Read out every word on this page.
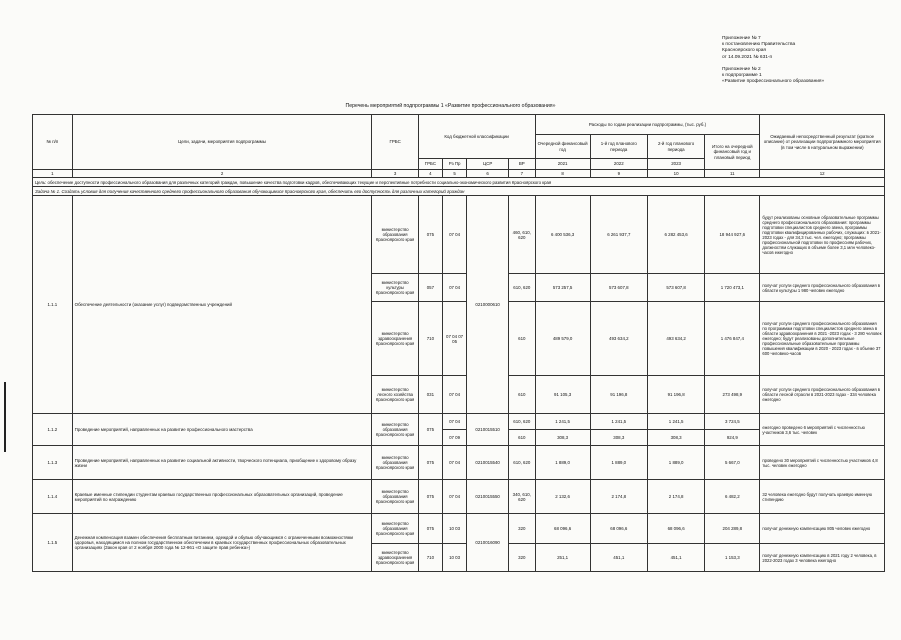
Приложение № 7
к постановлению Правительства
Красноярского края
от 14.09.2021 № 631-п

Приложение № 2
к подпрограмме 1
«Развитие профессионального образования»
Перечень мероприятий подпрограммы 1 «Развитие профессионального образования»
№ п/п	Цели, задачи, мероприятия подпрограммы	ГРБС	Код бюджетной классификации				Расходы по годам реализации подпрограммы, (тыс. руб.)				Ожидаемый непосредственный результат (краткое описание) от реализации подпрограммного мероприятия (в том числе в натуральном выражении)
							Очередной финансовый год	1-й год планового периода	2-й год планового периода	Итого на очередной финансовый год и плановый период	
			ГРБС	Рз Пр	ЦСР	ВР	2021	2022	2023		
1	2	3	4	5	6	7	8	9	10	11	12
Цель: обеспечение доступности профессионального образования для различных категорий граждан, повышение качества подготовки кадров, обеспечивающих текущие и перспективные потребности социально-экономического развития Красноярского края											
Задача № 1. Создать условия для получения качественного среднего профессионального образования обучающимися Красноярского края, обеспечить его доступность для различных категорий граждан											
1.1.1	Обеспечение деятельности (оказание услуг) подведомственных учреждений	министерство образования Красноярского края	075	07 04	0210000610	460, 610, 620	6 400 536,3	6 261 937,7	6 282 453,6	18 944 927,6	будут реализованы основные образовательные программы среднего профессионального образования: программы подготовки специалистов среднего звена, программы подготовки квалифицированных рабочих, служащих: в 2021-2023 годах - для 34,3 тыс. чел. ежегодно; программы профессиональной подготовки по профессиям рабочих, должностям служащих в объеме более 3,1 млн человеко-часов ежегодно
		министерство культуры Красноярского края	057	07 04		610, 620	573 257,5	573 607,8	573 607,8	1 720 473,1	получат услуги среднего профессионального образования в области культуры 1 980 человек ежегодно
		министерство здравоохранения Красноярского края	710	07 04 07 05		610	489 579,0	493 634,2	493 634,2	1 476 847,4	получат услуги среднего профессионального образования по программам подготовки специалистов среднего звена в области здравоохранения в 2021 -2023 годах - 3 280 человек ежегодно; будут реализованы дополнительные профессиональные образовательные программы повышения квалификации в 2020 - 2023 годах - в объеме 37 600 человеко-часов
		министерство лесного хозяйства Красноярского края	031	07 04		610	91 105,3	91 196,8	91 196,8	273 498,9	получат услуги среднего профессионального образования в области лесной отрасли в 2021-2023 годах - 334 человека ежегодно
1.1.2	Проведение мероприятий, направленных на развитие профессионального мастерства	министерство образования Красноярского края	075	07 04	0210015510	610, 620	1 241,5	1 241,5	1 241,5	3 724,5	ежегодно проведено 6 мероприятий с численностью участников 3,6 тыс. человек
				07 09		610	308,3	308,3	308,3	924,9	
1.1.3	Проведение мероприятий, направленных на развитие социальной активности, творческого потенциала, приобщение к здоровому образу жизни	министерство образования Красноярского края	075	07 04	0210015540	610, 620	1 889,0	1 889,0	1 889,0	5 667,0	проведено 30 мероприятий с численностью участников 4,8 тыс. человек ежегодно
1.1.4	Краевые именные стипендии студентам краевых государственных профессиональных образовательных организаций, проведение мероприятий по награждению	министерство образования Красноярского края	075	07 04	0210015550	340, 610, 620	2 132,6	2 174,8	2 174,8	6 482,2	32 человека ежегодно будут получать краевую именную стипендию
1.1.5	Денежная компенсация взамен обеспечения бесплатным питанием, одеждой и обувью обучающимся с ограниченными возможностями здоровья, находящимся на полном государственном обеспечении в краевых государственных профессиональных образовательных организациях (Закон края от 2 ноября 2000 года № 12-961 «О защите прав ребенка»)	министерство образования Красноярского края	075	10 03	0210016090	320	68 096,6	68 096,6	68 096,6	204 289,8	получат денежную компенсацию 805 человек ежегодно
		министерство здравоохранения Красноярского края	710	10 03		320	251,1	451,1	451,1	1 153,3	получат денежную компенсацию в 2021 году 2 человека, в 2022-2023 годах 3 человека ежегодно
